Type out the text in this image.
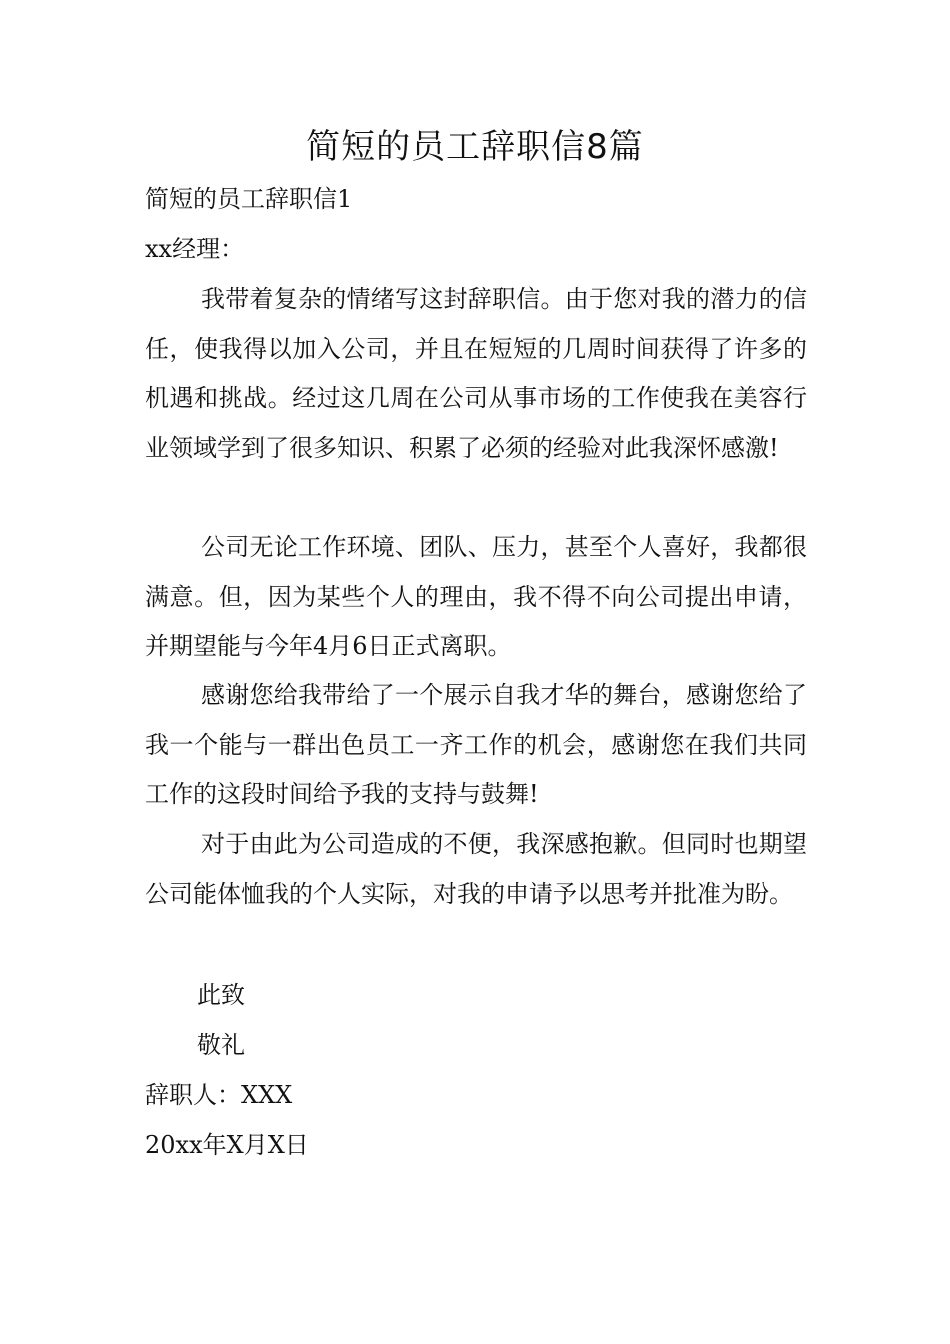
简短的员工辞职信8篇
简短的员工辞职信1
xx经理：

我带着复杂的情绪写这封辞职信。由于您对我的潜力的信任，使我得以加入公司，并且在短短的几周时间获得了许多的机遇和挑战。经过这几周在公司从事市场的工作使我在美容行业领域学到了很多知识、积累了必须的经验对此我深怀感激!

公司无论工作环境、团队、压力，甚至个人喜好，我都很满意。但，因为某些个人的理由，我不得不向公司提出申请，并期望能与今年4月6日正式离职。

感谢您给我带给了一个展示自我才华的舞台，感谢您给了我一个能与一群出色员工一齐工作的机会，感谢您在我们共同工作的这段时间给予我的支持与鼓舞!

对于由此为公司造成的不便，我深感抱歉。但同时也期望公司能体恤我的个人实际，对我的申请予以思考并批准为盼。

此致
敬礼
辞职人：XXX
20xx年X月X日
